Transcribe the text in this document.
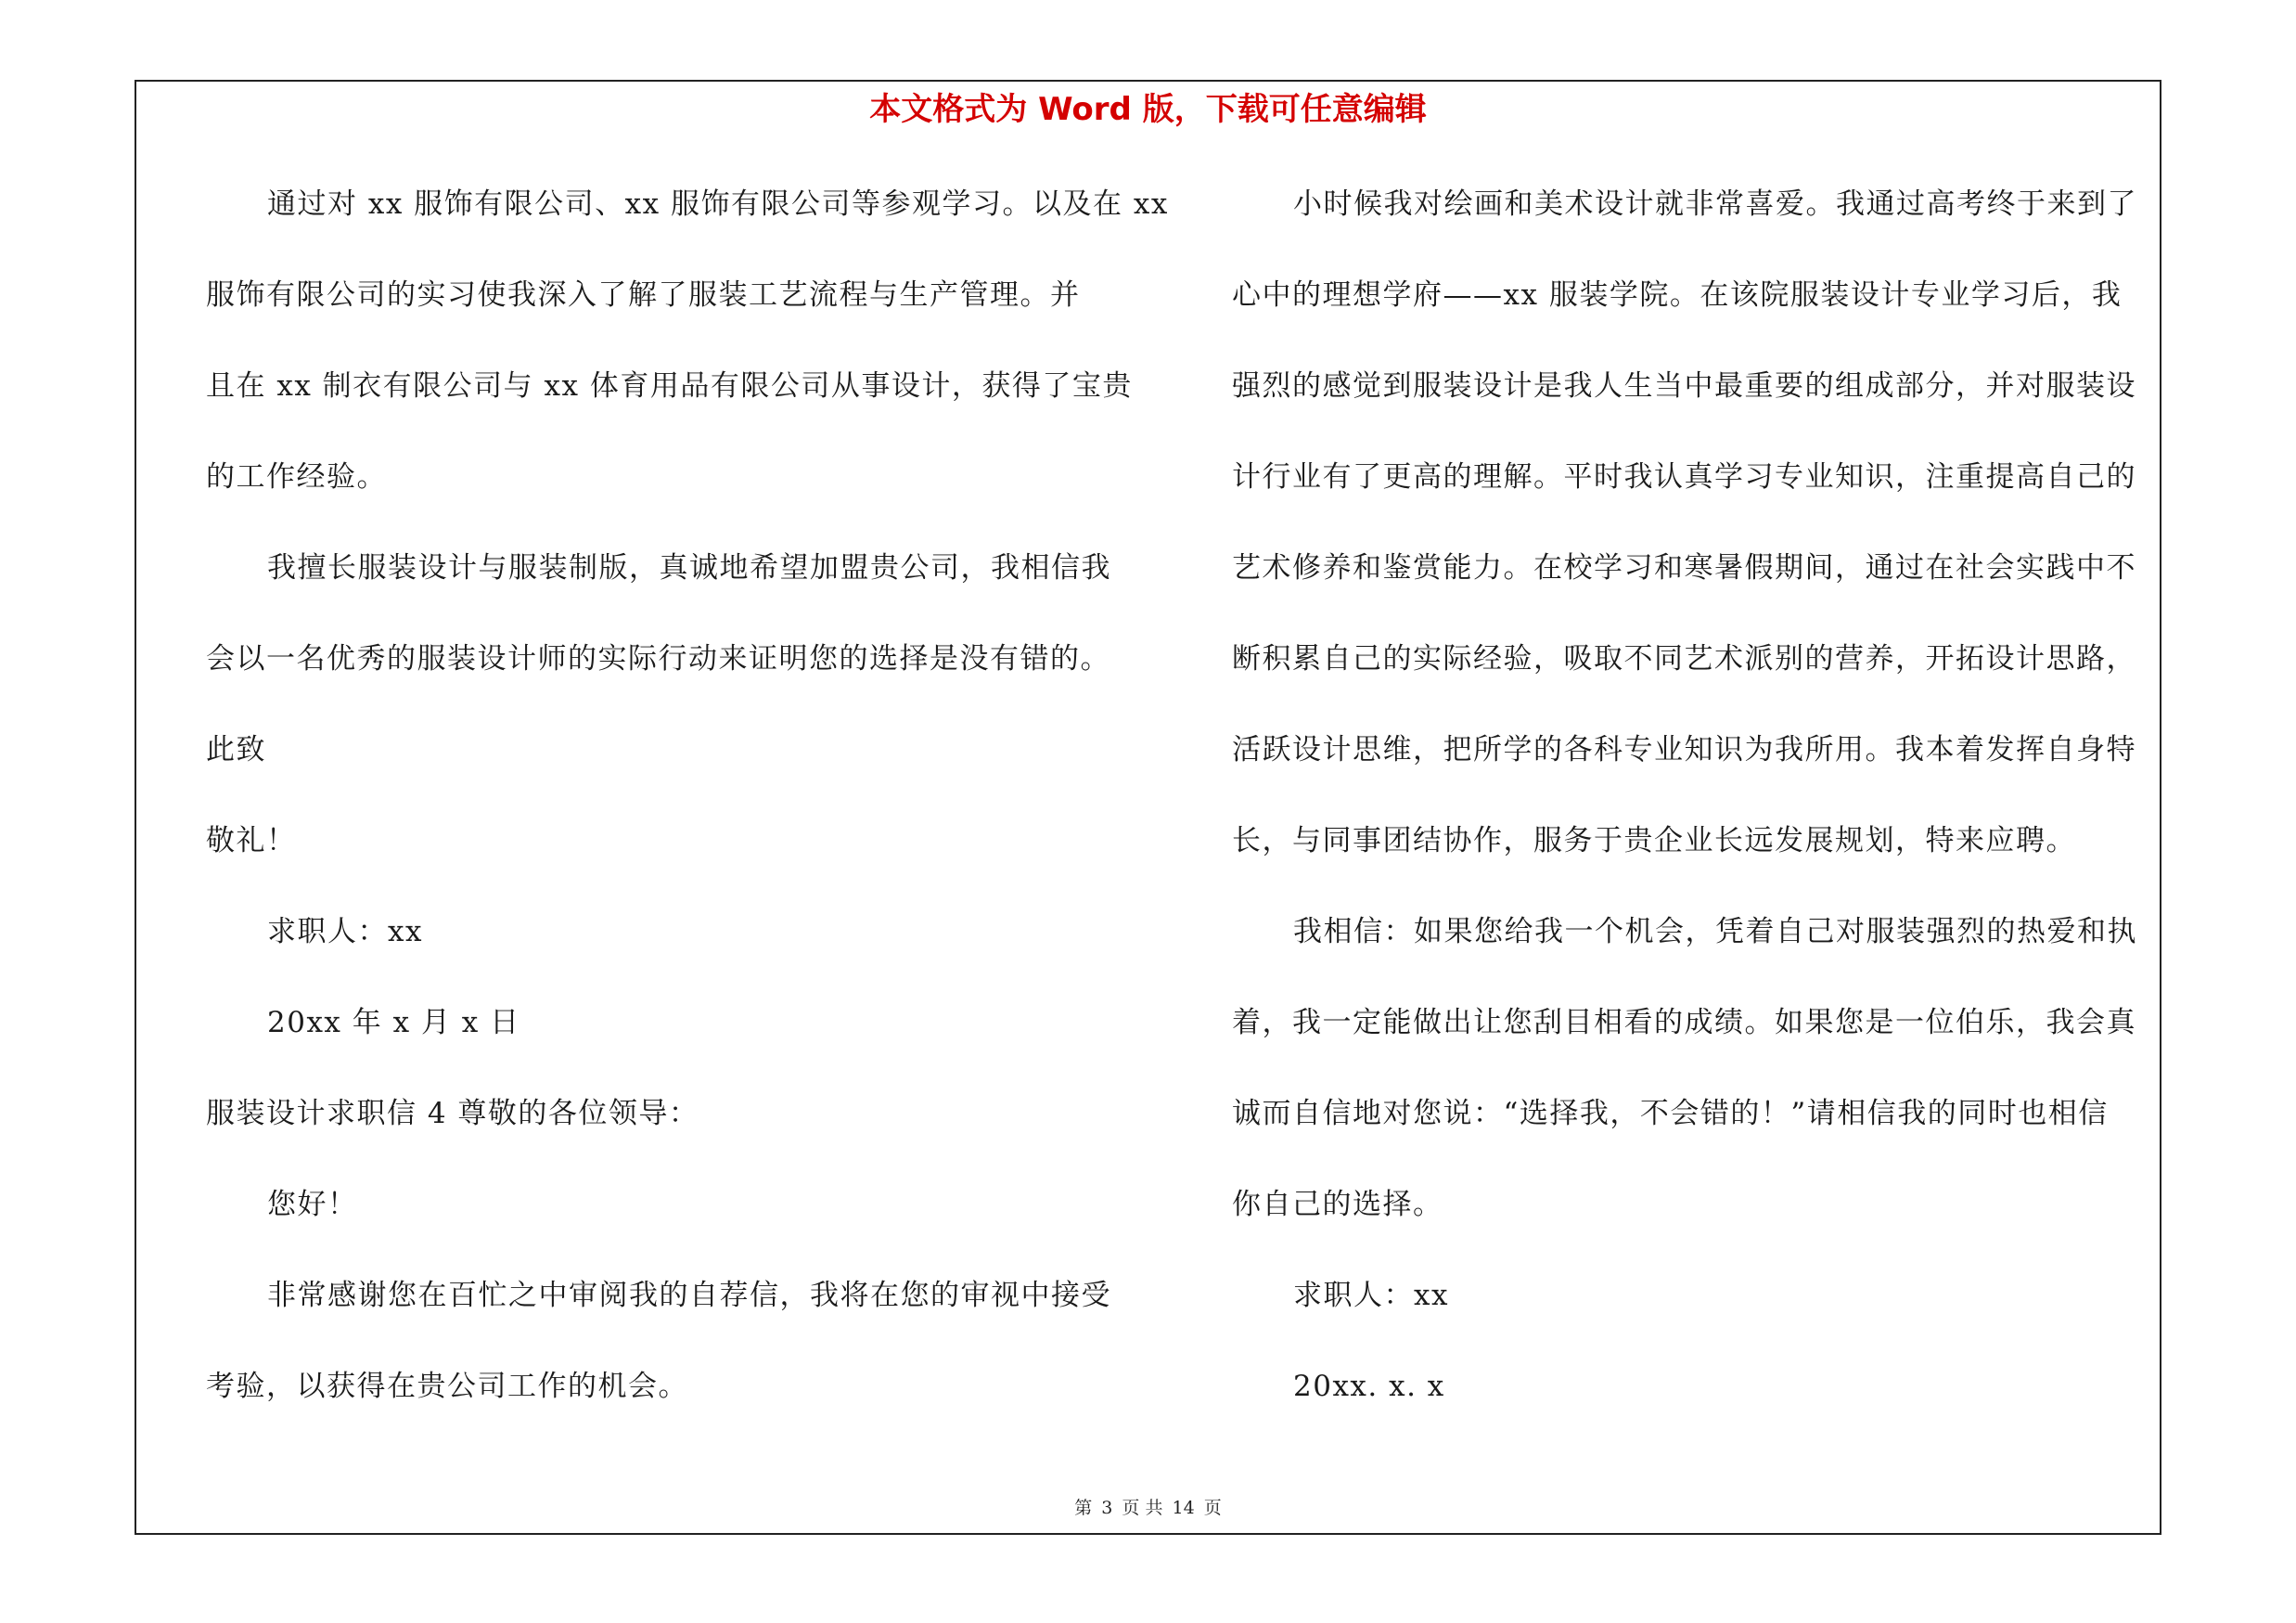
本文格式为 Word 版，下载可任意编辑
通过对 xx 服饰有限公司、xx 服饰有限公司等参观学习。以及在 xx
服饰有限公司的实习使我深入了解了服装工艺流程与生产管理。并
且在 xx 制衣有限公司与 xx 体育用品有限公司从事设计，获得了宝贵
的工作经验。
我擅长服装设计与服装制版，真诚地希望加盟贵公司，我相信我
会以一名优秀的服装设计师的实际行动来证明您的选择是没有错的。
此致
敬礼！
求职人：xx
20xx 年 x 月 x 日
服装设计求职信 4 尊敬的各位领导：
您好！
非常感谢您在百忙之中审阅我的自荐信，我将在您的审视中接受
考验，以获得在贵公司工作的机会。
小时候我对绘画和美术设计就非常喜爱。我通过高考终于来到了
心中的理想学府——xx 服装学院。在该院服装设计专业学习后，我
强烈的感觉到服装设计是我人生当中最重要的组成部分，并对服装设
计行业有了更高的理解。平时我认真学习专业知识，注重提高自己的
艺术修养和鉴赏能力。在校学习和寒暑假期间，通过在社会实践中不
断积累自己的实际经验，吸取不同艺术派别的营养，开拓设计思路，
活跃设计思维，把所学的各科专业知识为我所用。我本着发挥自身特
长，与同事团结协作，服务于贵企业长远发展规划，特来应聘。
我相信：如果您给我一个机会，凭着自己对服装强烈的热爱和执
着，我一定能做出让您刮目相看的成绩。如果您是一位伯乐，我会真
诚而自信地对您说：“选择我，不会错的！”请相信我的同时也相信
你自己的选择。
求职人：xx
20xx. x. x
第 3 页 共 14 页
